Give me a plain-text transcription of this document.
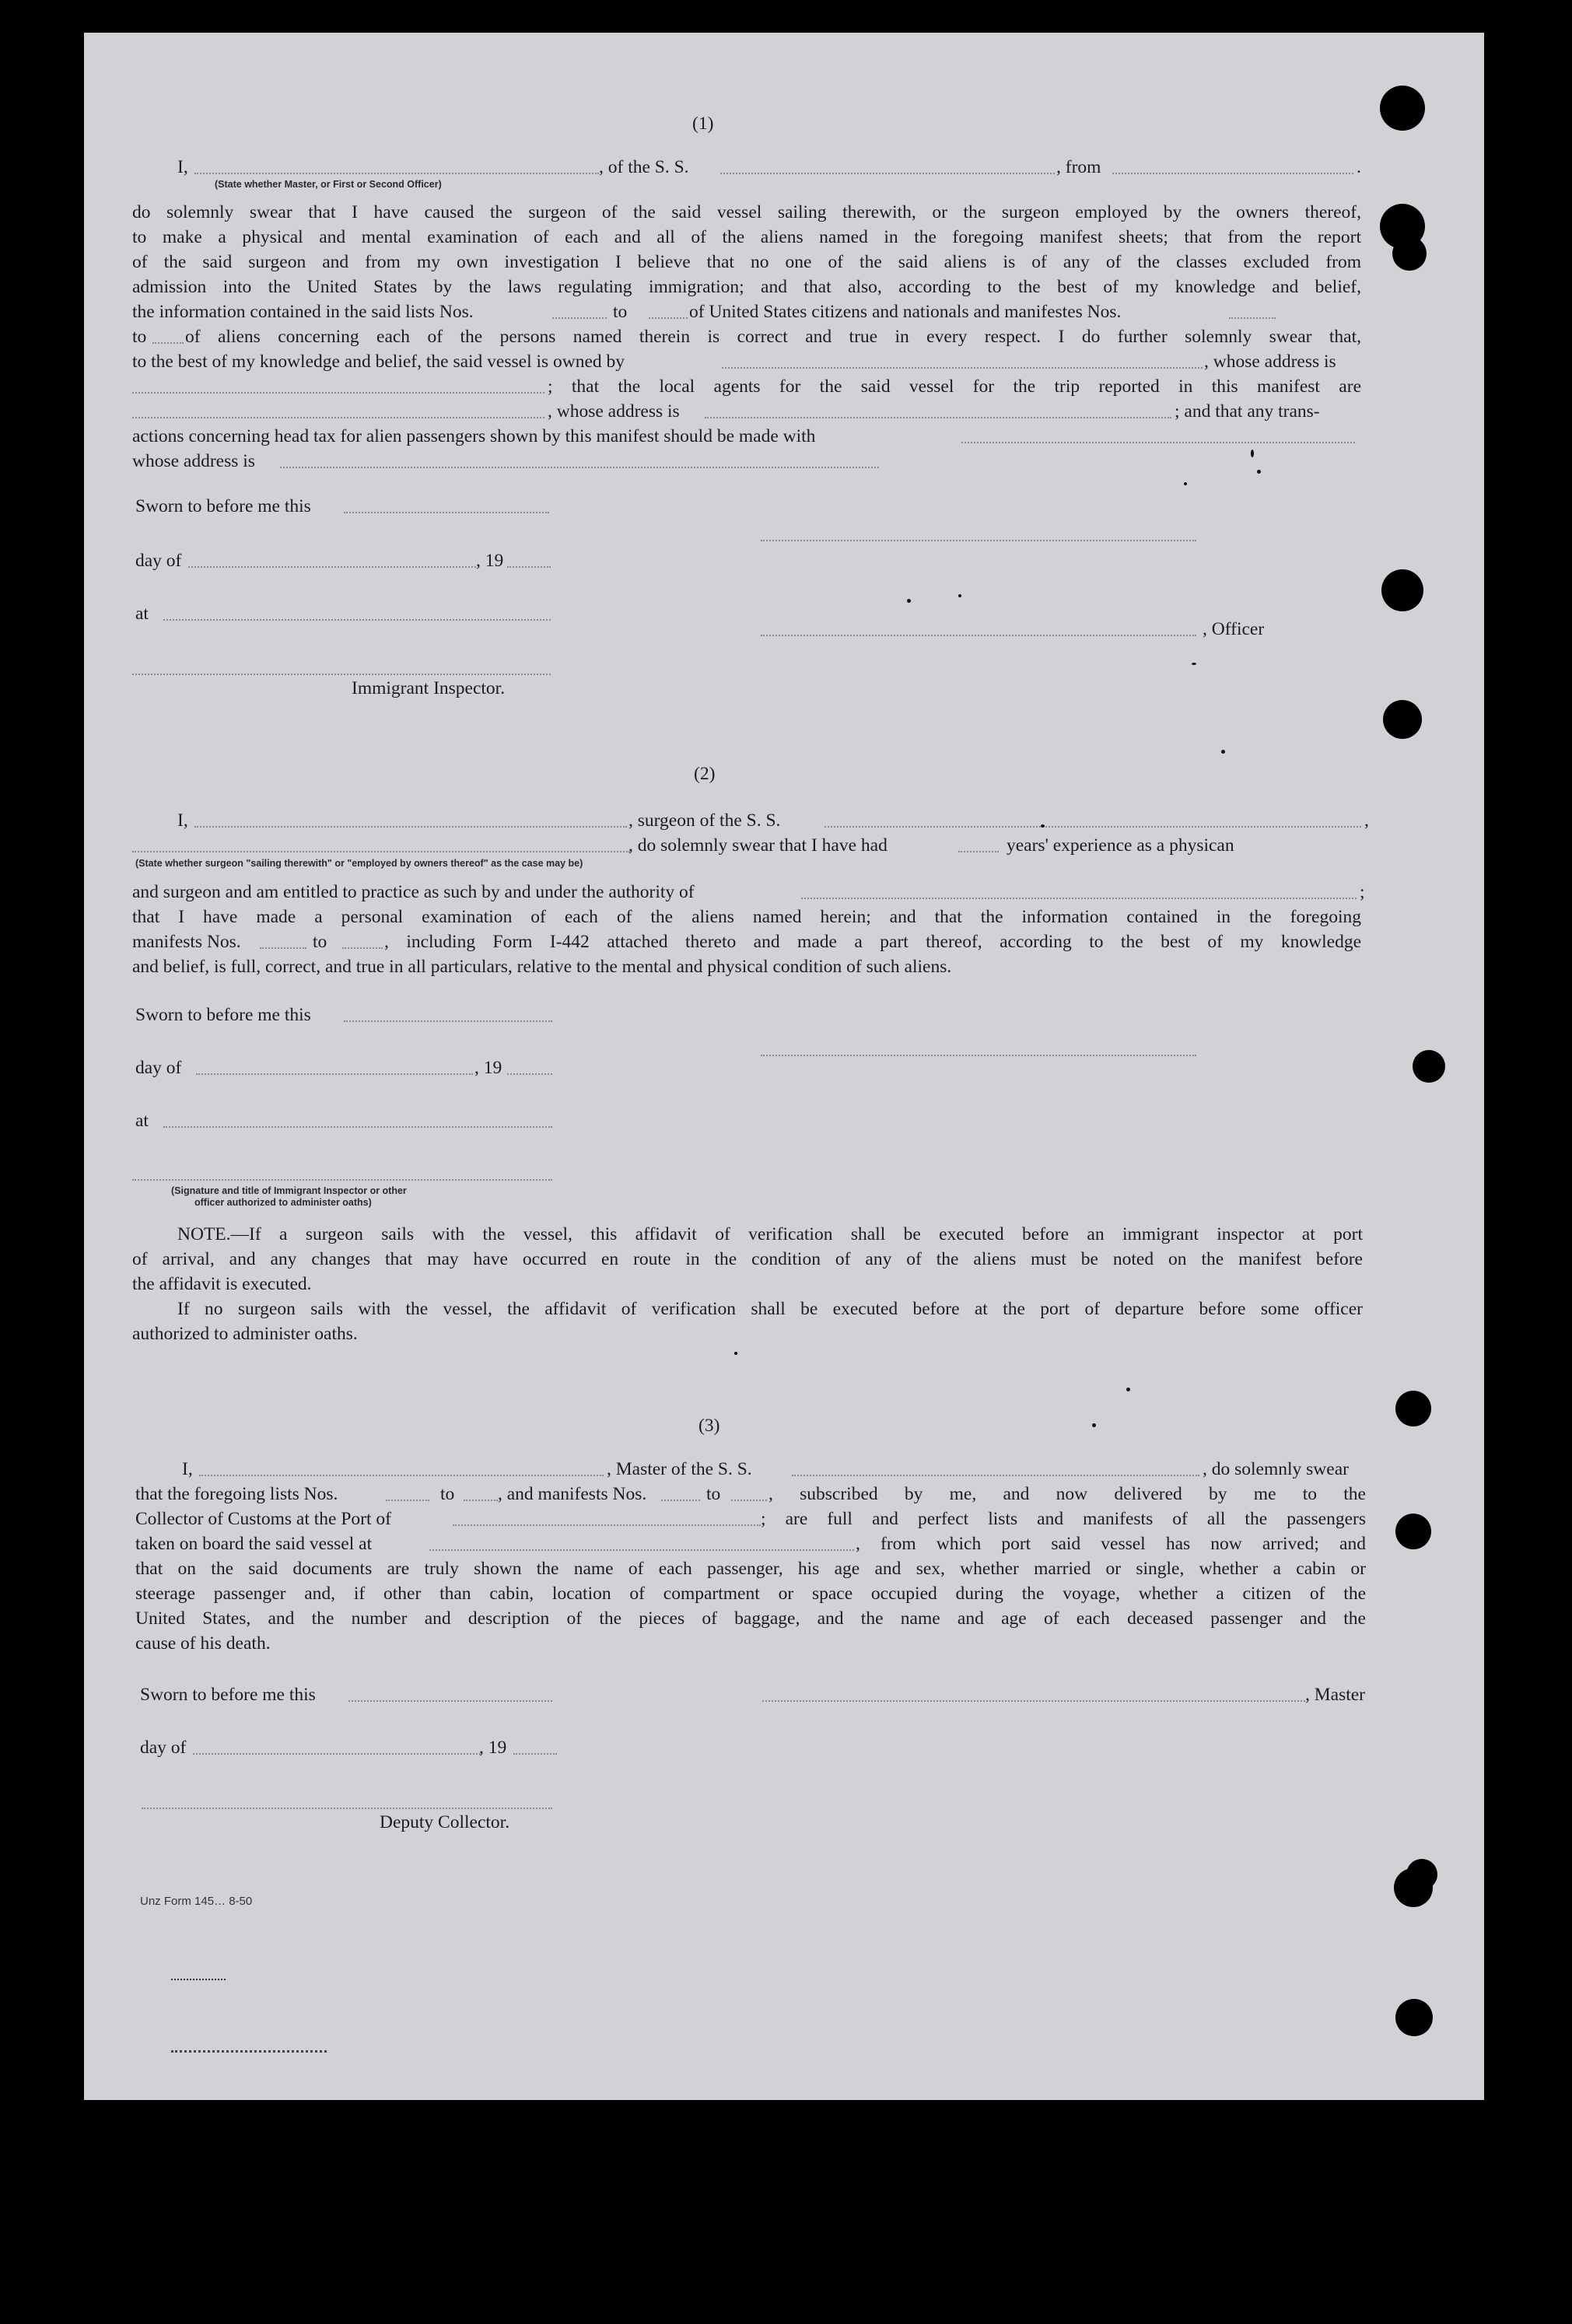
(1)
I,	, of the S. S.	, from	.
(State whether Master, or First or Second Officer)
do solemnly swear that I have caused the surgeon of the said vessel sailing therewith, or the surgeon employed by the owners thereof,
to make a physical and mental examination of each and all of the aliens named in the foregoing manifest sheets; that from the report
of the said surgeon and from my own investigation I believe that no one of the said aliens is of any of the classes excluded from
admission into the United States by the laws regulating immigration; and that also, according to the best of my knowledge and belief,
the information contained in the said lists Nos.	to	of United States citizens and nationals and manifestes Nos.
to of aliens concerning each of the persons named therein is correct and true in every respect. I do further solemnly swear that,
to the best of my knowledge and belief, the said vessel is owned by	, whose address is
; that the local agents for the said vessel for the trip reported in this manifest are
, whose address is	; and that any trans-
actions concerning head tax for alien passengers shown by this manifest should be made with
whose address is
Sworn to before me this
day of	, 19
at
, Officer
Immigrant Inspector.
(2)
I,	, surgeon of the S. S.	,
, do solemnly swear that I have had	years' experience as a physican
(State whether surgeon "sailing therewith" or "employed by owners thereof" as the case may be)
and surgeon and am entitled to practice as such by and under the authority of	;
that I have made a personal examination of each of the aliens named herein; and that the information contained in the foregoing
manifests Nos.	to	, including Form I-442 attached thereto and made a part thereof, according to the best of my knowledge
and belief, is full, correct, and true in all particulars, relative to the mental and physical condition of such aliens.
Sworn to before me this
day of	, 19
at
(Signature and title of Immigrant Inspector or other
officer authorized to administer oaths)
NOTE.—If a surgeon sails with the vessel, this affidavit of verification shall be executed before an immigrant inspector at port
of arrival, and any changes that may have occurred en route in the condition of any of the aliens must be noted on the manifest before
the affidavit is executed.
If no surgeon sails with the vessel, the affidavit of verification shall be executed before at the port of departure before some officer
authorized to administer oaths.
(3)
I,	, Master of the S. S.	, do solemnly swear
that the foregoing lists Nos.	to , and manifests Nos.	to	, subscribed by me, and now delivered by me to the
Collector of Customs at the Port of	; are full and perfect lists and manifests of all the passengers
taken on board the said vessel at	, from which port said vessel has now arrived; and
that on the said documents are truly shown the name of each passenger, his age and sex, whether married or single, whether a cabin or
steerage passenger and, if other than cabin, location of compartment or space occupied during the voyage, whether a citizen of the
United States, and the number and description of the pieces of baggage, and the name and age of each deceased passenger and the
cause of his death.
Sworn to before me this	, Master
day of	, 19
Deputy Collector.
Unz Form 145… 8-50
